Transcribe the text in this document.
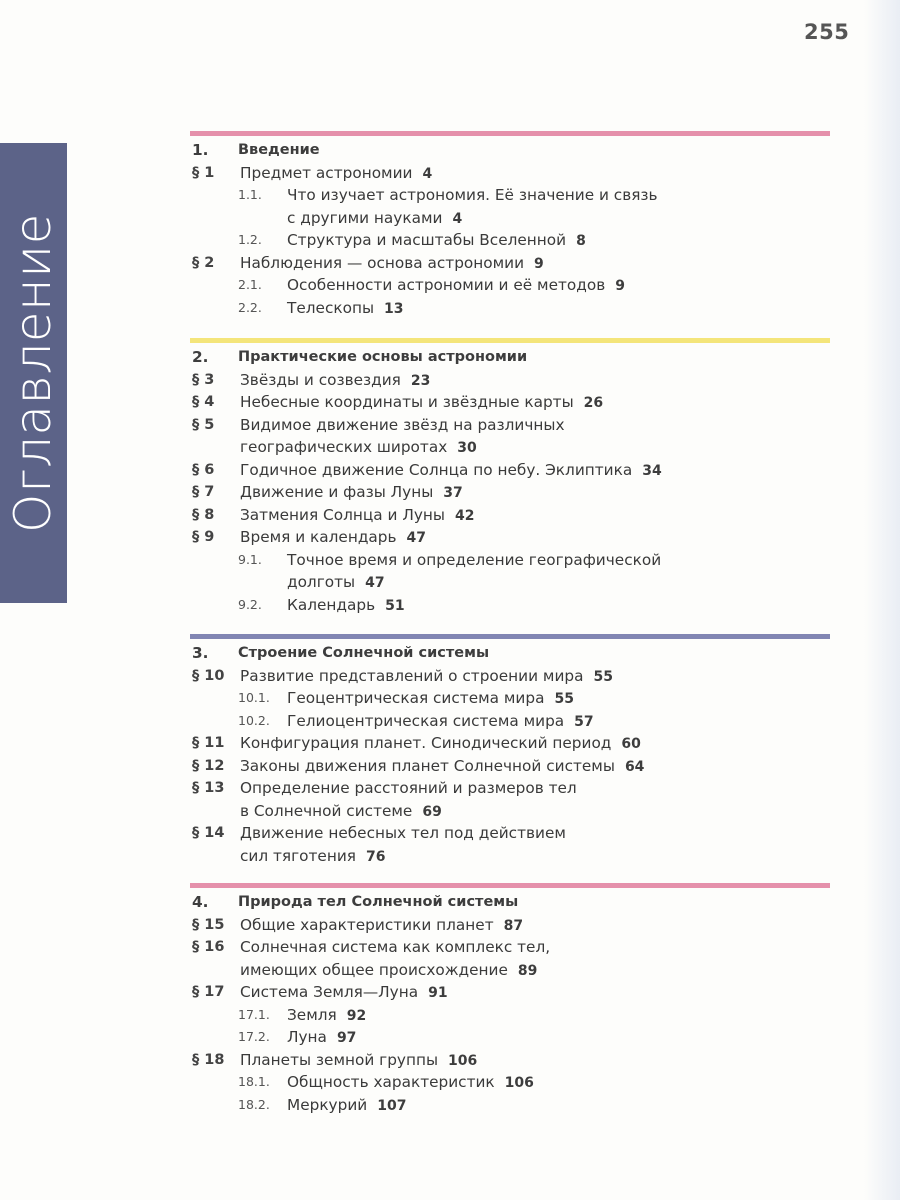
255
Оглавление
1. Введение
§ 1 Предмет астрономии 4
1.1. Что изучает астрономия. Её значение и связь
с другими науками 4
1.2. Структура и масштабы Вселенной 8
§ 2 Наблюдения — основа астрономии 9
2.1. Особенности астрономии и её методов 9
2.2. Телескопы 13
2. Практические основы астрономии
§ 3 Звёзды и созвездия 23
§ 4 Небесные координаты и звёздные карты 26
§ 5 Видимое движение звёзд на различных
географических широтах 30
§ 6 Годичное движение Солнца по небу. Эклиптика 34
§ 7 Движение и фазы Луны 37
§ 8 Затмения Солнца и Луны 42
§ 9 Время и календарь 47
9.1. Точное время и определение географической
долготы 47
9.2. Календарь 51
3. Строение Солнечной системы
§ 10 Развитие представлений о строении мира 55
10.1. Геоцентрическая система мира 55
10.2. Гелиоцентрическая система мира 57
§ 11 Конфигурация планет. Синодический период 60
§ 12 Законы движения планет Солнечной системы 64
§ 13 Определение расстояний и размеров тел
в Солнечной системе 69
§ 14 Движение небесных тел под действием
сил тяготения 76
4. Природа тел Солнечной системы
§ 15 Общие характеристики планет 87
§ 16 Солнечная система как комплекс тел,
имеющих общее происхождение 89
§ 17 Система Земля—Луна 91
17.1. Земля 92
17.2. Луна 97
§ 18 Планеты земной группы 106
18.1. Общность характеристик 106
18.2. Меркурий 107
